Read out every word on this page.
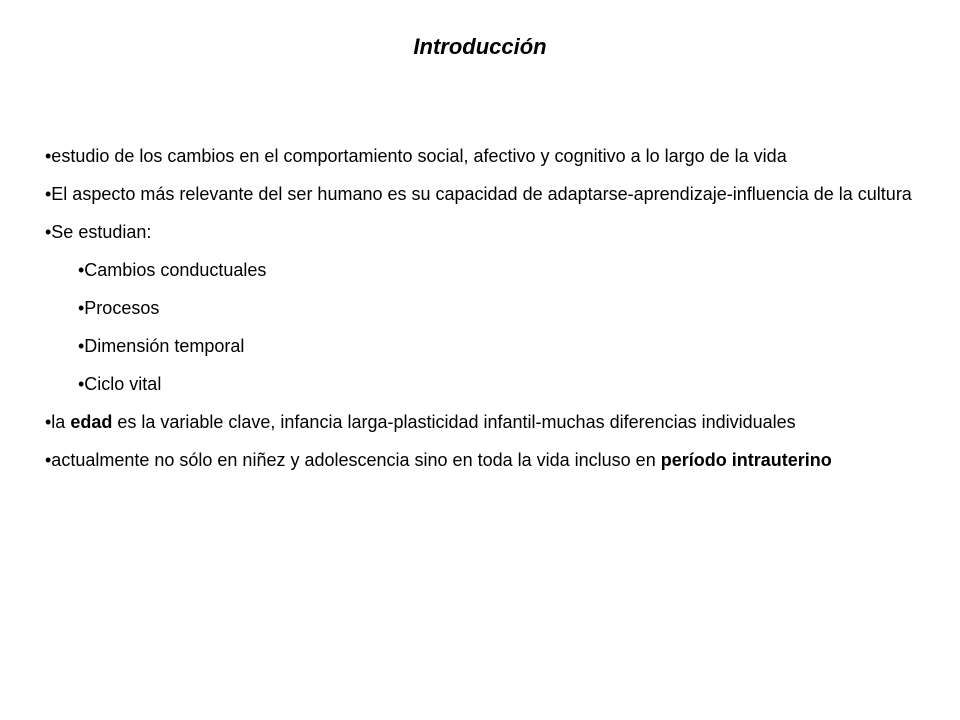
Introducción

•estudio de los cambios en el comportamiento social, afectivo y cognitivo a lo largo de la vida

•El aspecto más relevante del ser humano es su capacidad de adaptarse-aprendizaje-influencia de la cultura

•Se estudian:

•Cambios conductuales

•Procesos

•Dimensión temporal

•Ciclo vital

•la edad es la variable clave, infancia larga-plasticidad infantil-muchas diferencias individuales

•actualmente no sólo en niñez y adolescencia sino en toda la vida incluso en período intrauterino
